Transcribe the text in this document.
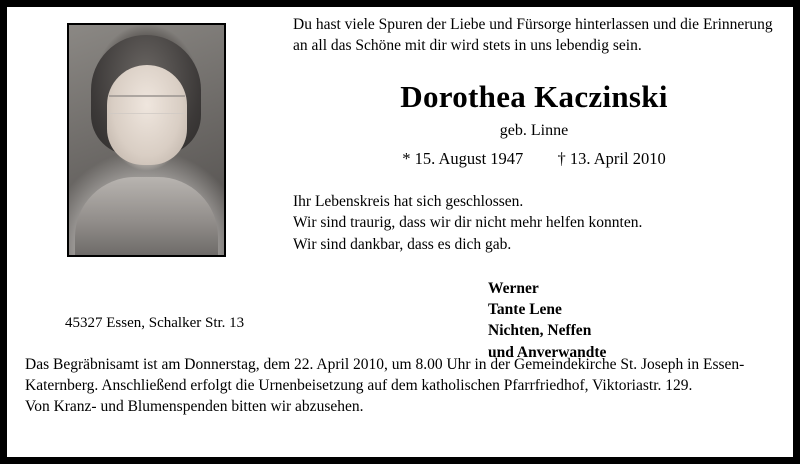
Du hast viele Spuren der Liebe und Fürsorge hinterlassen und die Erinnerung an all das Schöne mit dir wird stets in uns lebendig sein.
Dorothea Kaczinski
geb. Linne
* 15. August 1947 † 13. April 2010
Ihr Lebenskreis hat sich geschlossen.
Wir sind traurig, dass wir dir nicht mehr helfen konnten.
Wir sind dankbar, dass es dich gab.
Werner
Tante Lene
Nichten, Neffen
und Anverwandte
45327 Essen, Schalker Str. 13
Das Begräbnisamt ist am Donnerstag, dem 22. April 2010, um 8.00 Uhr in der Gemeindekirche St. Joseph in Essen-Katernberg. Anschließend erfolgt die Urnenbeisetzung auf dem katholischen Pfarrfriedhof, Viktoriastr. 129.
Von Kranz- und Blumenspenden bitten wir abzusehen.
